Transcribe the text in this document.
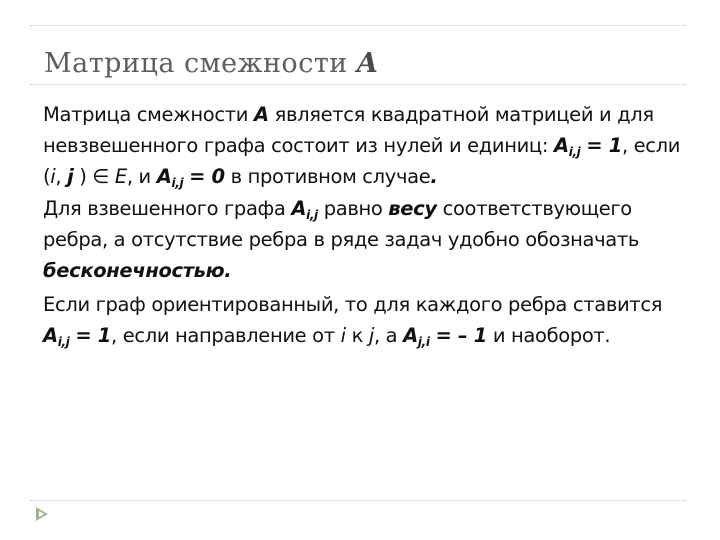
Матрица смежности A
Матрица смежности A является квадратной матрицей и для
невзвешенного графа состоит из нулей и единиц: $A_{i,j} = 1$, если
(i, j ) ∈ E, и $A_{i,j} = 0$ в противном случае.
Для взвешенного графа $A_{i,j}$ равно весу соответствующего
ребра, а отсутствие ребра в ряде задач удобно обозначать
бесконечностью.
Если граф ориентированный, то для каждого ребра ставится
$A_{i,j} = 1$, если направление от i к j, а $A_{j,i}$ = – 1 и наоборот.
